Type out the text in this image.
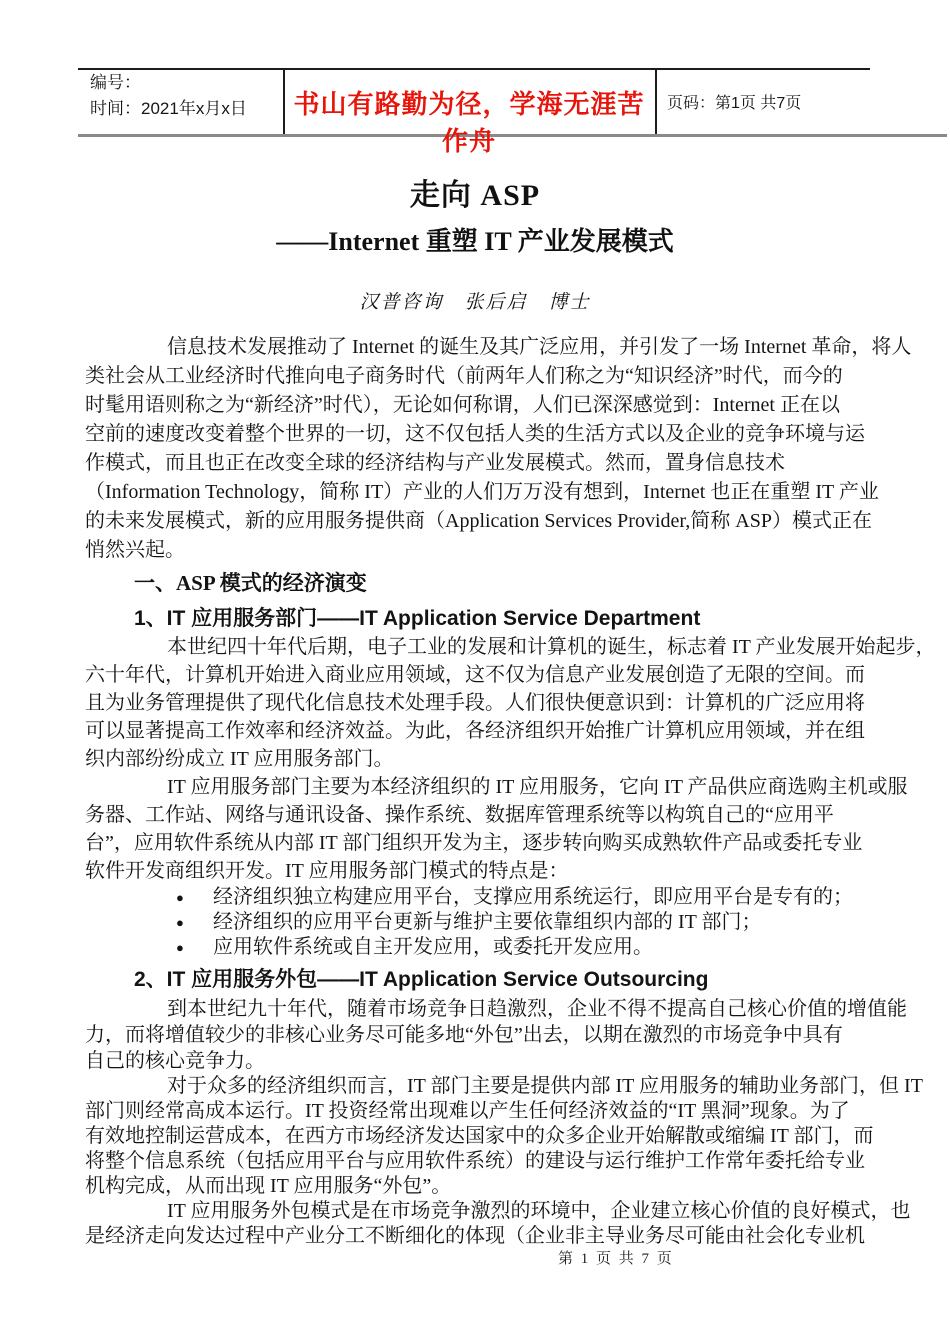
编号：
时间：2021年x月x日	书山有路勤为径，学海无涯苦作舟
页码：第1页 共7页
走向 ASP
——Internet 重塑 IT 产业发展模式
汉普咨询　张后启　博士
信息技术发展推动了 Internet 的诞生及其广泛应用，并引发了一场 Internet 革命，将人
类社会从工业经济时代推向电子商务时代（前两年人们称之为“知识经济”时代，而今的
时髦用语则称之为“新经济”时代），无论如何称谓，人们已深深感觉到：Internet 正在以
空前的速度改变着整个世界的一切，这不仅包括人类的生活方式以及企业的竞争环境与运
作模式，而且也正在改变全球的经济结构与产业发展模式。然而，置身信息技术
（Information Technology，简称 IT）产业的人们万万没有想到，Internet 也正在重塑 IT 产业
的未来发展模式，新的应用服务提供商（Application Services Provider,简称 ASP）模式正在
悄然兴起。
一、ASP 模式的经济演变
1、IT 应用服务部门——IT Application Service Department
本世纪四十年代后期，电子工业的发展和计算机的诞生，标志着 IT 产业发展开始起步，
六十年代，计算机开始进入商业应用领域，这不仅为信息产业发展创造了无限的空间。而
且为业务管理提供了现代化信息技术处理手段。人们很快便意识到：计算机的广泛应用将
可以显著提高工作效率和经济效益。为此，各经济组织开始推广计算机应用领域，并在组
织内部纷纷成立 IT 应用服务部门。
IT 应用服务部门主要为本经济组织的 IT 应用服务，它向 IT 产品供应商选购主机或服
务器、工作站、网络与通讯设备、操作系统、数据库管理系统等以构筑自己的“应用平
台”，应用软件系统从内部 IT 部门组织开发为主，逐步转向购买成熟软件产品或委托专业
软件开发商组织开发。IT 应用服务部门模式的特点是：
● 经济组织独立构建应用平台，支撑应用系统运行，即应用平台是专有的；
● 经济组织的应用平台更新与维护主要依靠组织内部的 IT 部门；
● 应用软件系统或自主开发应用，或委托开发应用。
2、IT 应用服务外包——IT Application Service Outsourcing
到本世纪九十年代，随着市场竞争日趋激烈，企业不得不提高自己核心价值的增值能
力，而将增值较少的非核心业务尽可能多地“外包”出去，以期在激烈的市场竞争中具有
自己的核心竞争力。
对于众多的经济组织而言，IT 部门主要是提供内部 IT 应用服务的辅助业务部门，但 IT
部门则经常高成本运行。IT 投资经常出现难以产生任何经济效益的“IT 黑洞”现象。为了
有效地控制运营成本，在西方市场经济发达国家中的众多企业开始解散或缩编 IT 部门，而
将整个信息系统（包括应用平台与应用软件系统）的建设与运行维护工作常年委托给专业
机构完成，从而出现 IT 应用服务“外包”。
IT 应用服务外包模式是在市场竞争激烈的环境中，企业建立核心价值的良好模式，也
是经济走向发达过程中产业分工不断细化的体现（企业非主导业务尽可能由社会化专业机
第 1 页 共 7 页
